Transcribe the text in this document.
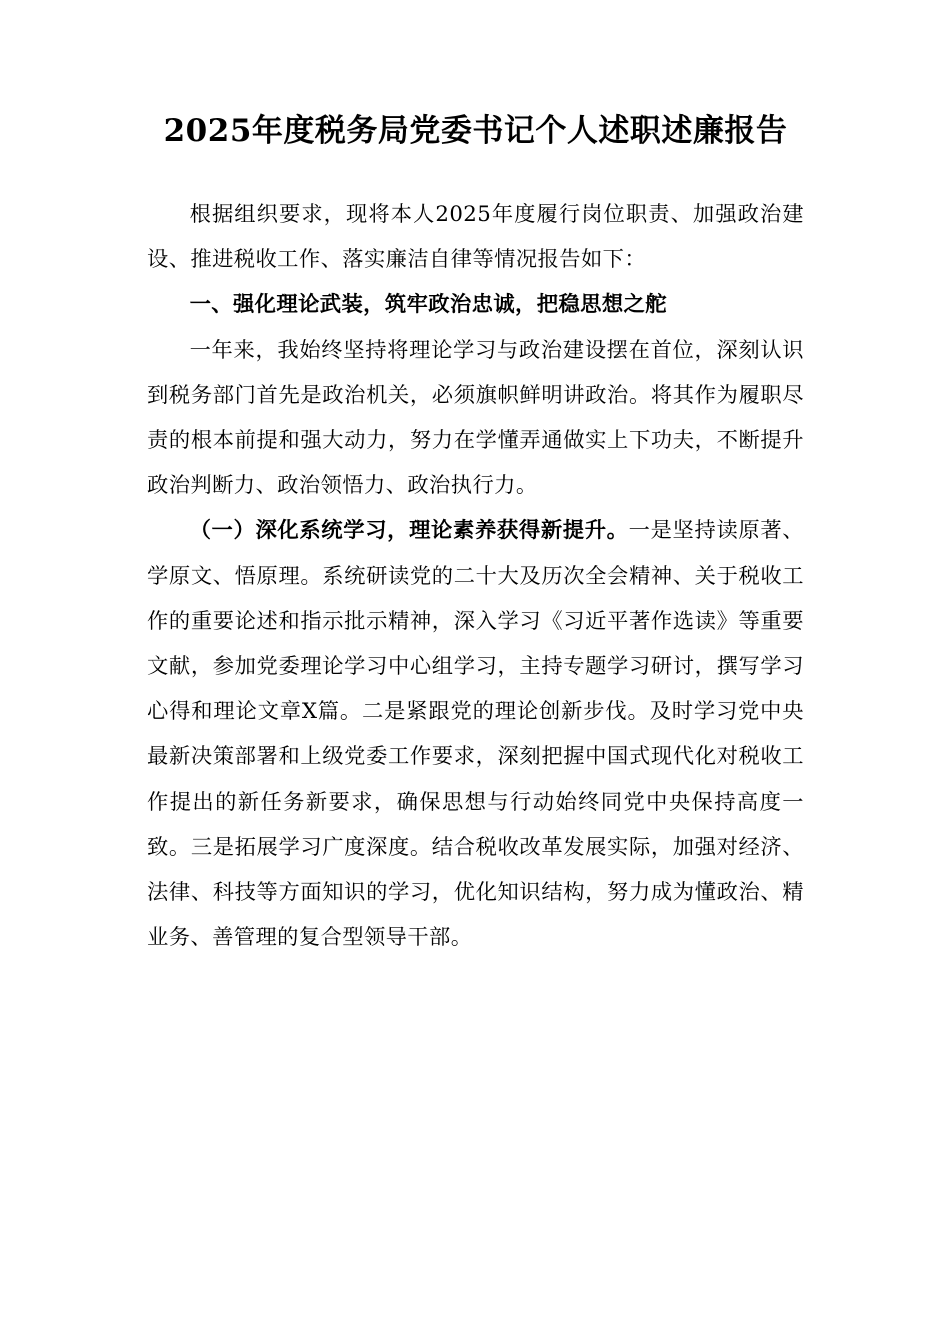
2025年度税务局党委书记个人述职述廉报告

根据组织要求，现将本人2025年度履行岗位职责、加强政治建设、推进税收工作、落实廉洁自律等情况报告如下：

一、强化理论武装，筑牢政治忠诚，把稳思想之舵

一年来，我始终坚持将理论学习与政治建设摆在首位，深刻认识到税务部门首先是政治机关，必须旗帜鲜明讲政治。将其作为履职尽责的根本前提和强大动力，努力在学懂弄通做实上下功夫，不断提升政治判断力、政治领悟力、政治执行力。

（一）深化系统学习，理论素养获得新提升。一是坚持读原著、学原文、悟原理。系统研读党的二十大及历次全会精神、关于税收工作的重要论述和指示批示精神，深入学习《习近平著作选读》等重要文献，参加党委理论学习中心组学习，主持专题学习研讨，撰写学习心得和理论文章X篇。二是紧跟党的理论创新步伐。及时学习党中央最新决策部署和上级党委工作要求，深刻把握中国式现代化对税收工作提出的新任务新要求，确保思想与行动始终同党中央保持高度一致。三是拓展学习广度深度。结合税收改革发展实际，加强对经济、法律、科技等方面知识的学习，优化知识结构，努力成为懂政治、精业务、善管理的复合型领导干部。
